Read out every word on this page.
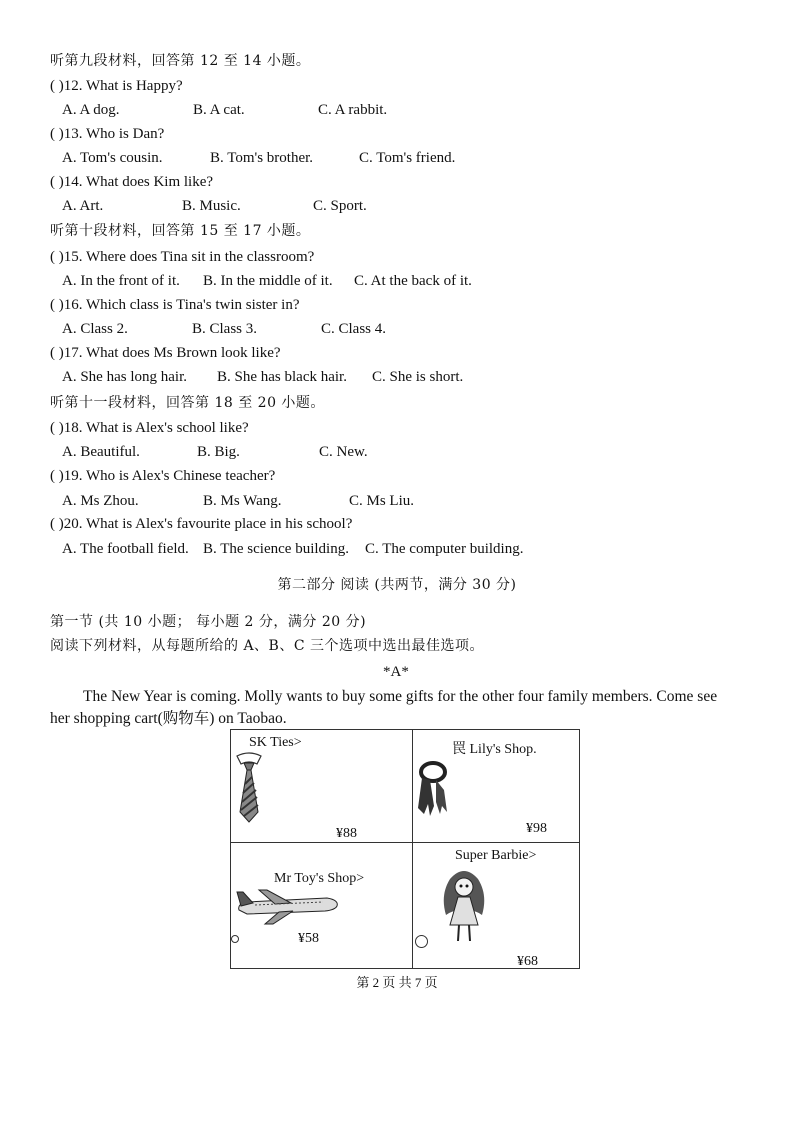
听第九段材料，回答第 12 至 14 小题。
( )12. What is Happy?
A. A dog.	B. A cat.	C. A rabbit.
( )13. Who is Dan?
A. Tom's cousin.	B. Tom's brother.	C. Tom's friend.
( )14. What does Kim like?
A. Art.	B. Music.	C. Sport.
听第十段材料，回答第 15 至 17 小题。
( )15. Where does Tina sit in the classroom?
A. In the front of it. B. In the middle of it. C. At the back of it.
( )16. Which class is Tina's twin sister in?
A. Class 2.	B. Class 3.	C. Class 4.
( )17. What does Ms Brown look like?
A. She has long hair. B. She has black hair. C. She is short.
听第十一段材料，回答第 18 至 20 小题。
( )18. What is Alex's school like?
A. Beautiful.	B. Big.	C. New.
( )19. Who is Alex's Chinese teacher?
A. Ms Zhou.	B. Ms Wang.	C. Ms Liu.
( )20. What is Alex's favourite place in his school?
A. The football field. B. The science building. C. The computer building.
第二部分 阅读 (共两节，满分 30 分)
第一节 (共 10 小题； 每小题 2 分，满分 20 分)
阅读下列材料，从每题所给的 A、B、C 三个选项中选出最佳选项。
*A*
The New Year is coming. Molly wants to buy some gifts for the other four family members. Come see
her shopping cart(购物车) on Taobao.
SK Ties>
¥88
罠 Lily's Shop.
¥98
Mr Toy's Shop>
¥58
Super Barbie>
¥68
第 2 页 共 7 页
